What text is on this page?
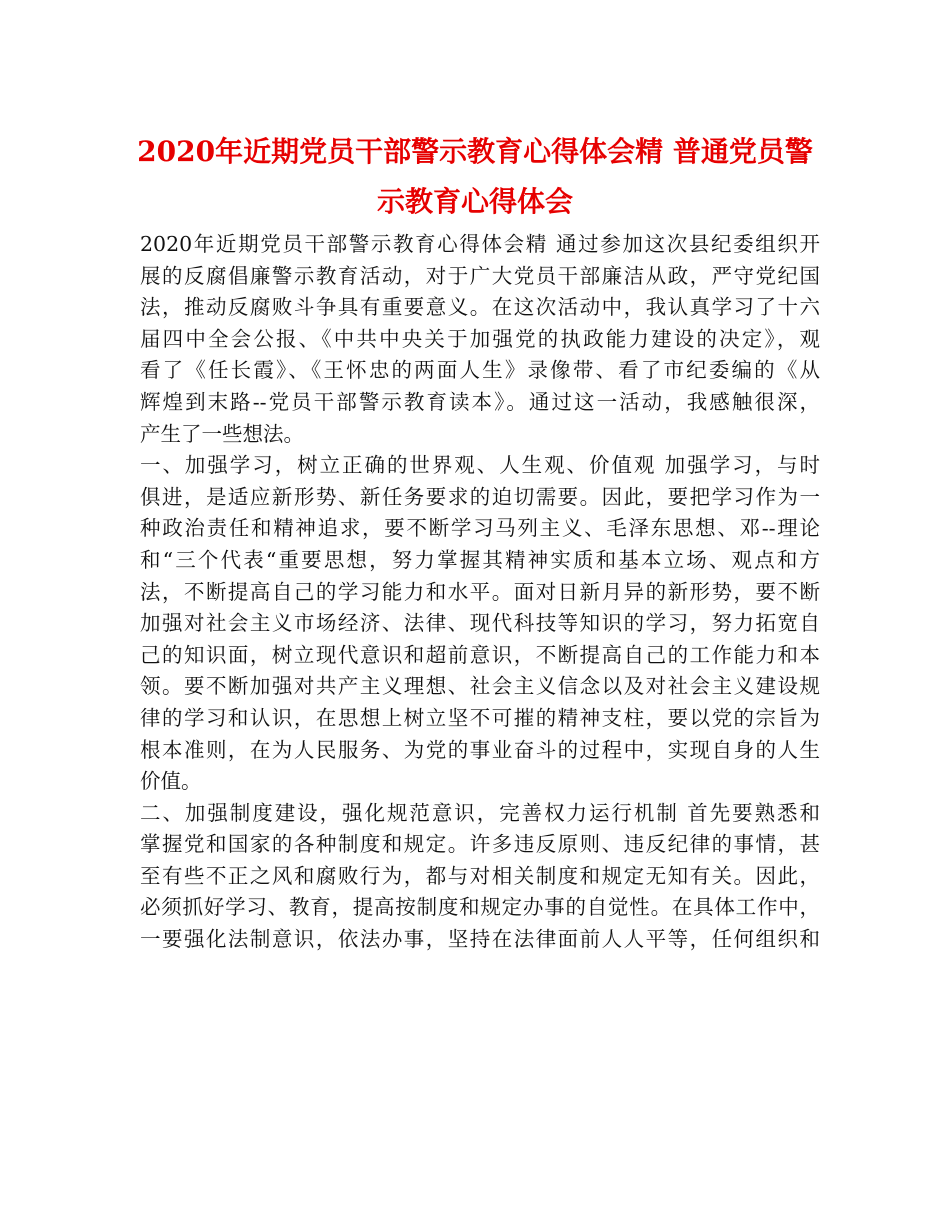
2020年近期党员干部警示教育心得体会精 普通党员警
示教育心得体会
2020年近期党员干部警示教育心得体会精 通过参加这次县纪委组织开
展的反腐倡廉警示教育活动，对于广大党员干部廉洁从政，严守党纪国
法，推动反腐败斗争具有重要意义。在这次活动中，我认真学习了十六
届四中全会公报、《中共中央关于加强党的执政能力建设的决定》，观
看了《任长霞》、《王怀忠的两面人生》录像带、看了市纪委编的《从
辉煌到末路--党员干部警示教育读本》。通过这一活动，我感触很深，
产生了一些想法。
一、加强学习，树立正确的世界观、人生观、价值观 加强学习，与时
俱进，是适应新形势、新任务要求的迫切需要。因此，要把学习作为一
种政治责任和精神追求，要不断学习马列主义、毛泽东思想、邓--理论
和“三个代表“重要思想，努力掌握其精神实质和基本立场、观点和方
法，不断提高自己的学习能力和水平。面对日新月异的新形势，要不断
加强对社会主义市场经济、法律、现代科技等知识的学习，努力拓宽自
己的知识面，树立现代意识和超前意识，不断提高自己的工作能力和本
领。要不断加强对共产主义理想、社会主义信念以及对社会主义建设规
律的学习和认识，在思想上树立坚不可摧的精神支柱，要以党的宗旨为
根本准则，在为人民服务、为党的事业奋斗的过程中，实现自身的人生
价值。
二、加强制度建设，强化规范意识，完善权力运行机制 首先要熟悉和
掌握党和国家的各种制度和规定。许多违反原则、违反纪律的事情，甚
至有些不正之风和腐败行为，都与对相关制度和规定无知有关。因此，
必须抓好学习、教育，提高按制度和规定办事的自觉性。在具体工作中，
一要强化法制意识，依法办事，坚持在法律面前人人平等，任何组织和
